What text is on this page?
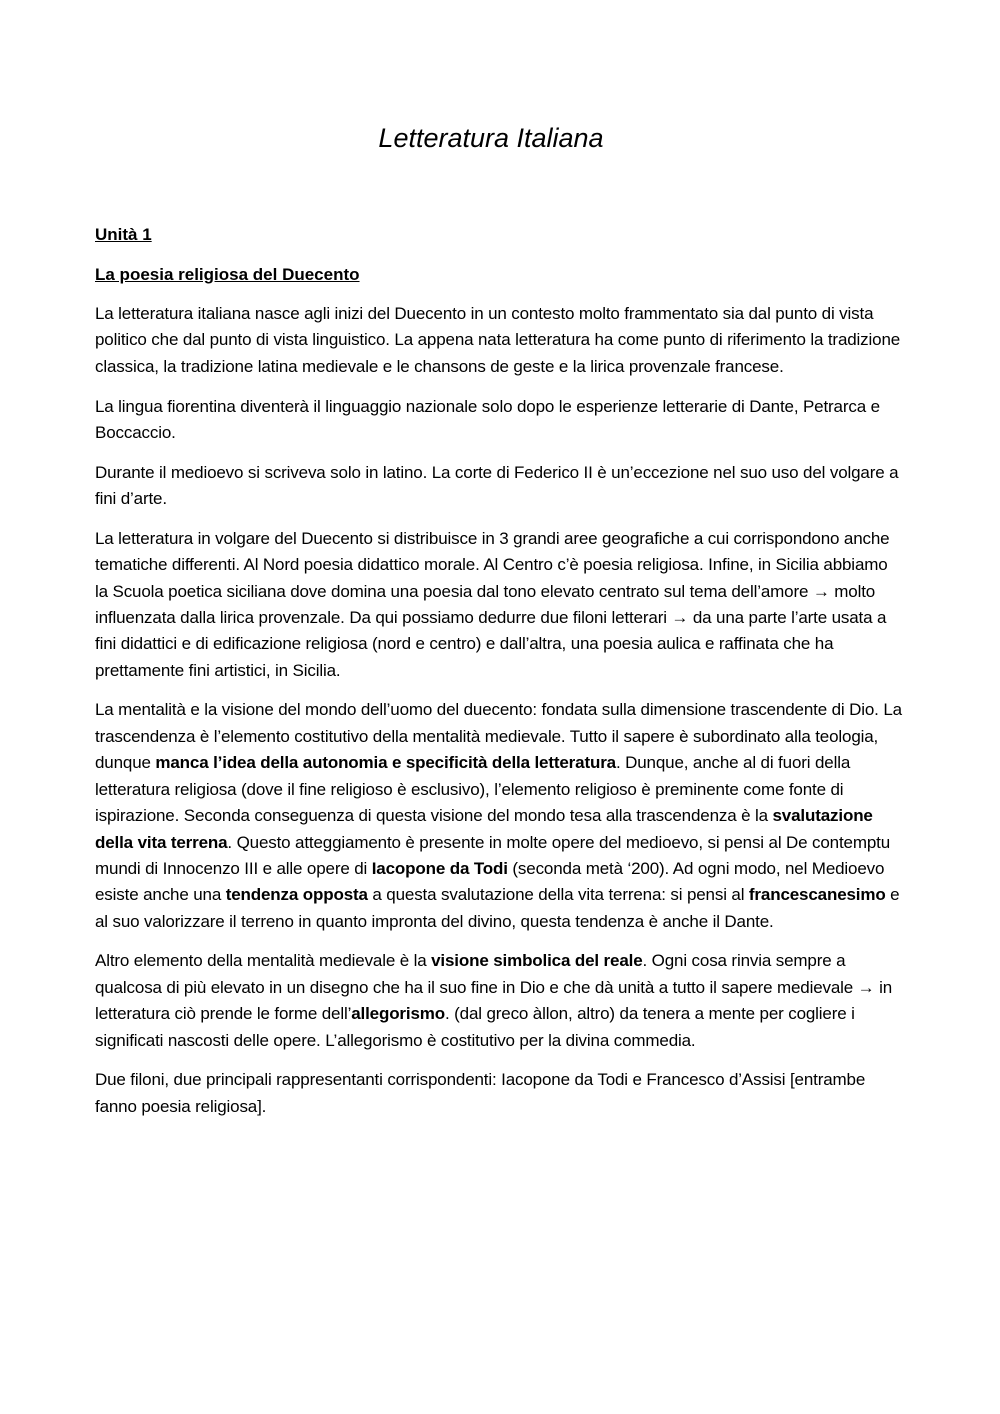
Letteratura Italiana
Unità 1
La poesia religiosa del Duecento

La letteratura italiana nasce agli inizi del Duecento in un contesto molto frammentato sia dal punto di vista politico che dal punto di vista linguistico. La appena nata letteratura ha come punto di riferimento la tradizione classica, la tradizione latina medievale e le chansons de geste e la lirica provenzale francese.

La lingua fiorentina diventerà il linguaggio nazionale solo dopo le esperienze letterarie di Dante, Petrarca e Boccaccio.

Durante il medioevo si scriveva solo in latino. La corte di Federico II è un’eccezione nel suo uso del volgare a fini d’arte.

La letteratura in volgare del Duecento si distribuisce in 3 grandi aree geografiche a cui corrispondono anche tematiche differenti. Al Nord poesia didattico morale. Al Centro c’è poesia religiosa. Infine, in Sicilia abbiamo la Scuola poetica siciliana dove domina una poesia dal tono elevato centrato sul tema dell’amore → molto influenzata dalla lirica provenzale. Da qui possiamo dedurre due filoni letterari → da una parte l’arte usata a fini didattici e di edificazione religiosa (nord e centro) e dall’altra, una poesia aulica e raffinata che ha prettamente fini artistici, in Sicilia.

La mentalità e la visione del mondo dell’uomo del duecento: fondata sulla dimensione trascendente di Dio. La trascendenza è l’elemento costitutivo della mentalità medievale. Tutto il sapere è subordinato alla teologia, dunque manca l’idea della autonomia e specificità della letteratura. Dunque, anche al di fuori della letteratura religiosa (dove il fine religioso è esclusivo), l’elemento religioso è preminente come fonte di ispirazione. Seconda conseguenza di questa visione del mondo tesa alla trascendenza è la svalutazione della vita terrena. Questo atteggiamento è presente in molte opere del medioevo, si pensi al De contemptu mundi di Innocenzo III e alle opere di Iacopone da Todi (seconda metà ‘200). Ad ogni modo, nel Medioevo esiste anche una tendenza opposta a questa svalutazione della vita terrena: si pensi al francescanesimo e al suo valorizzare il terreno in quanto impronta del divino, questa tendenza è anche il Dante.

Altro elemento della mentalità medievale è la visione simbolica del reale. Ogni cosa rinvia sempre a qualcosa di più elevato in un disegno che ha il suo fine in Dio e che dà unità a tutto il sapere medievale → in letteratura ciò prende le forme dell’allegorismo. (dal greco àllon, altro) da tenera a mente per cogliere i significati nascosti delle opere. L’allegorismo è costitutivo per la divina commedia.

Due filoni, due principali rappresentanti corrispondenti: Iacopone da Todi e Francesco d’Assisi [entrambe fanno poesia religiosa].
